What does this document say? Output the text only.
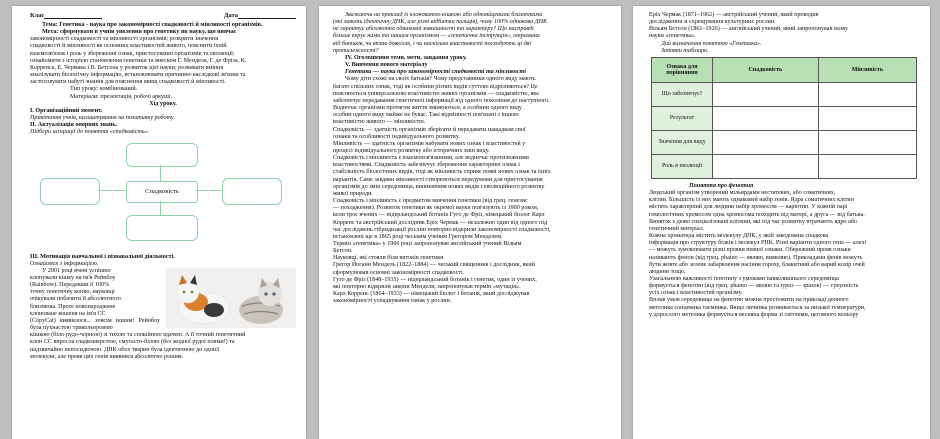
Клас	Дата

Тема: Генетика - наука про закономірності спадковості й мінливості організмів.

Мета: сформувати в учнів уявлення про генетику як науку, що вивчає

закономірності спадковості та мінливості організмів; розкрити значення

спадковості й мінливості як основних властивостей живого, пояснити їхній

взаємозв'язок і роль у збереженні ознак, пристосуванні організмів та еволюції;

ознайомити з історією становлення генетики та внеском Г. Менделя, Г. де Фріза, К.

Корренса, Е. Чермака і В. Бетсона у розвиток цієї науки; розвивати вміння

аналізувати біологічну інформацію, встановлювати причинно-наслідкові зв'язки та

застосовувати набуті знання для пояснення явищ спадковості й мінливості.

Тип уроку: комбінований.

Матеріали: презентація, робочі аркуші.

Хід уроку.

І. Організаційний момент.

Привітання учнів, налаштування на позитивну роботу.

ІІ. Актуалізація опорних знань.

Підбери асоціації до поняття «спадковість».

Спадковість

ІІІ. Мотивація навчальної і пізнавальної діяльності.

Ознайомся з інформацією.

У 2001 році вчені успішно

клонували кішку на ім'я Рейнбоу

(Rainbow). Передавши її 100%

точну генетичну копію, науковці

очікували побачити її абсолютного

близнюка. Проте новонароджене

клоноване кошеня на ім'я СС

(CopyCat) виявилося... зовсім іншим! Рейнбоу була пухнастою трикольоровою

кішкою (біло-рудо-чорною) зі тихою та спокійною вдачею. А її точний генетичний

клон СС виросла гладкошерстою, смугасто-білою (без жодної рудої плями!) та

надзвичайно непосидючою. ДНК обох тварин була ідентичною до однієї

молекули, але прояв цих генів виявився абсолютно різним.

Зважаючи на приклад із клонованою кішкою або однояйцевими близнюками

(які мають ідентичну ДНК, але різні відбитки пальців), чому 100% однакова ДНК

не гарантує абсолютно однакової зовнішності та характеру? Що насправді

більше керує нами та нашим організмом — «генетична інструкція», отримана

від батьків, чи вплив довкілля, і чи наскільки властивості посходують ці дві

протилежності?

IV. Оголошення теми, мети, завдання уроку.

V. Вивчення нового матеріалу

Генетика — наука про закономірності спадковості та мінливості

Чому діти схожі на своїх батьків? Чому представники одного виду мають

багато спільних ознак, тоді як особини різних видів суттєво відрізняються? Це

пояснюється універсальною властивістю живих організмів — спадковістю, яка

забезпечує передавання генетичної інформації від одного покоління до наступного.

Водночас організми протягом життя змінюються, а особини одного виду

особин одного виду майже не бувас. Такі відмінності пов'язані з іншою

властивістю живого — мінливістю.

Спадковість — здатність організмів зберігати й передавати нащадкам свої

ознаки та особливості індивідуального розвитку.

Мінливість — здатність організмів набувати нових ознак і властивостей у

процесі індивідуального розвитку або історичних змін виду.

Спадковість і мінливість є взаємопов'язаними, але водночас протилежними

властивостями. Спадковість забезпечує збереження характерних ознак і

стабільність біологічних видів, тоді як мінливість сприяє появі нових ознак та їхніх

варіантів. Саме завдяки мінливості створюються передумови для пристосування

організмів до змін середовища, виникнення нових видів і еволюційного розвитку

живої природи.

Спадковість і мінливість є предметом вивчення генетики (від грец. генезис

— походження). Розвиток генетики як окремої науки пов'язують із 1900 роком,

коли троє вчених — нідерландський ботанік Гуго де Фріз, німецький біолог Карл

Корренс та австрійський дослідник Еріх Чермак — незалежно один від одного під

час досліджень гібридизації рослин повторно відкрили закономірності спадковості,

встановлені ще в 1865 році чеським ученим Грегором Менделем.

Термін «генетика» у 1906 році запропонував англійський учений Вільям

Бетсон.

Науковці, які стояли біля витоків генетики

Грегор Йоганн Мендель (1822–1884) — чеський священник і дослідник, який

сформулював основні закономірності спадковості.

Гуго де Фріз (1848–1935) — нідерландський ботанік і генетик, один із учених,

які повторно відкрили закони Менделя; запропонував термін «мутація».

Карл Корренс (1864–1933) — німецький біолог і ботанік, який досліджував

закономірності успадкування ознак у рослин.

Еріх Чермак (1871–1962) — австрійський учений, який проводив

дослідження зі схрещування культурних рослин.

Вільям Бетсон (1861–1926) — англійський учений, який запропонував назву

науки «генетика».

Дай визначення поняттю «Генетика».

Заповни таблицю.

Ознака для порівняння	Спадковість	Мінливість
Що забезпечує?		
Результат		
Значення для виду		
Роль в еволюції		

Поняття про фенотип

Людський організм утворений мільярдами нестатевих, або соматичних,

клітин. Більшість із них мають однаковий набір генів. Ядра соматичних клітин

містять характерний для людини набір хромосом — каріотип. У кожній парі

гомологічних хромосом одна хромосома походить від матері, а друга — від батька.

Виняток є деякі спеціалізовані клітини, які під час розвитку втрачають ядро або

генетичний матеріал.

Кожна хроматида містить молекулу ДНК, у якій закодована спадкова

інформація про структуру білків і молекул РНК. Різні варіанти одного гена — алелі

— можуть зумовлювати різні прояви певної ознаки. Обережний прояв ознаки

називають фенои (від грец. phaino — являю, виявляю). Прикладами фенів можуть

бути жовте або зелене забарвлення насіння гороху, блакитний або карий колір очей

людини тощо.

Узагальнюю важливості генотипу з умовами навколишнього середовища

формується фенотип (від грец. phaino — являю та typos — зразок) — сукупність

усіх ознак і властивостей організму.

Вплив умов середовища на фенотип можна простежити на прикладі денного

метелика сонцевика таємника. Якщо личинка розвивається за низької температури,

у дорослого метелика формується весняна форма зі світлими, цегляного кольору
